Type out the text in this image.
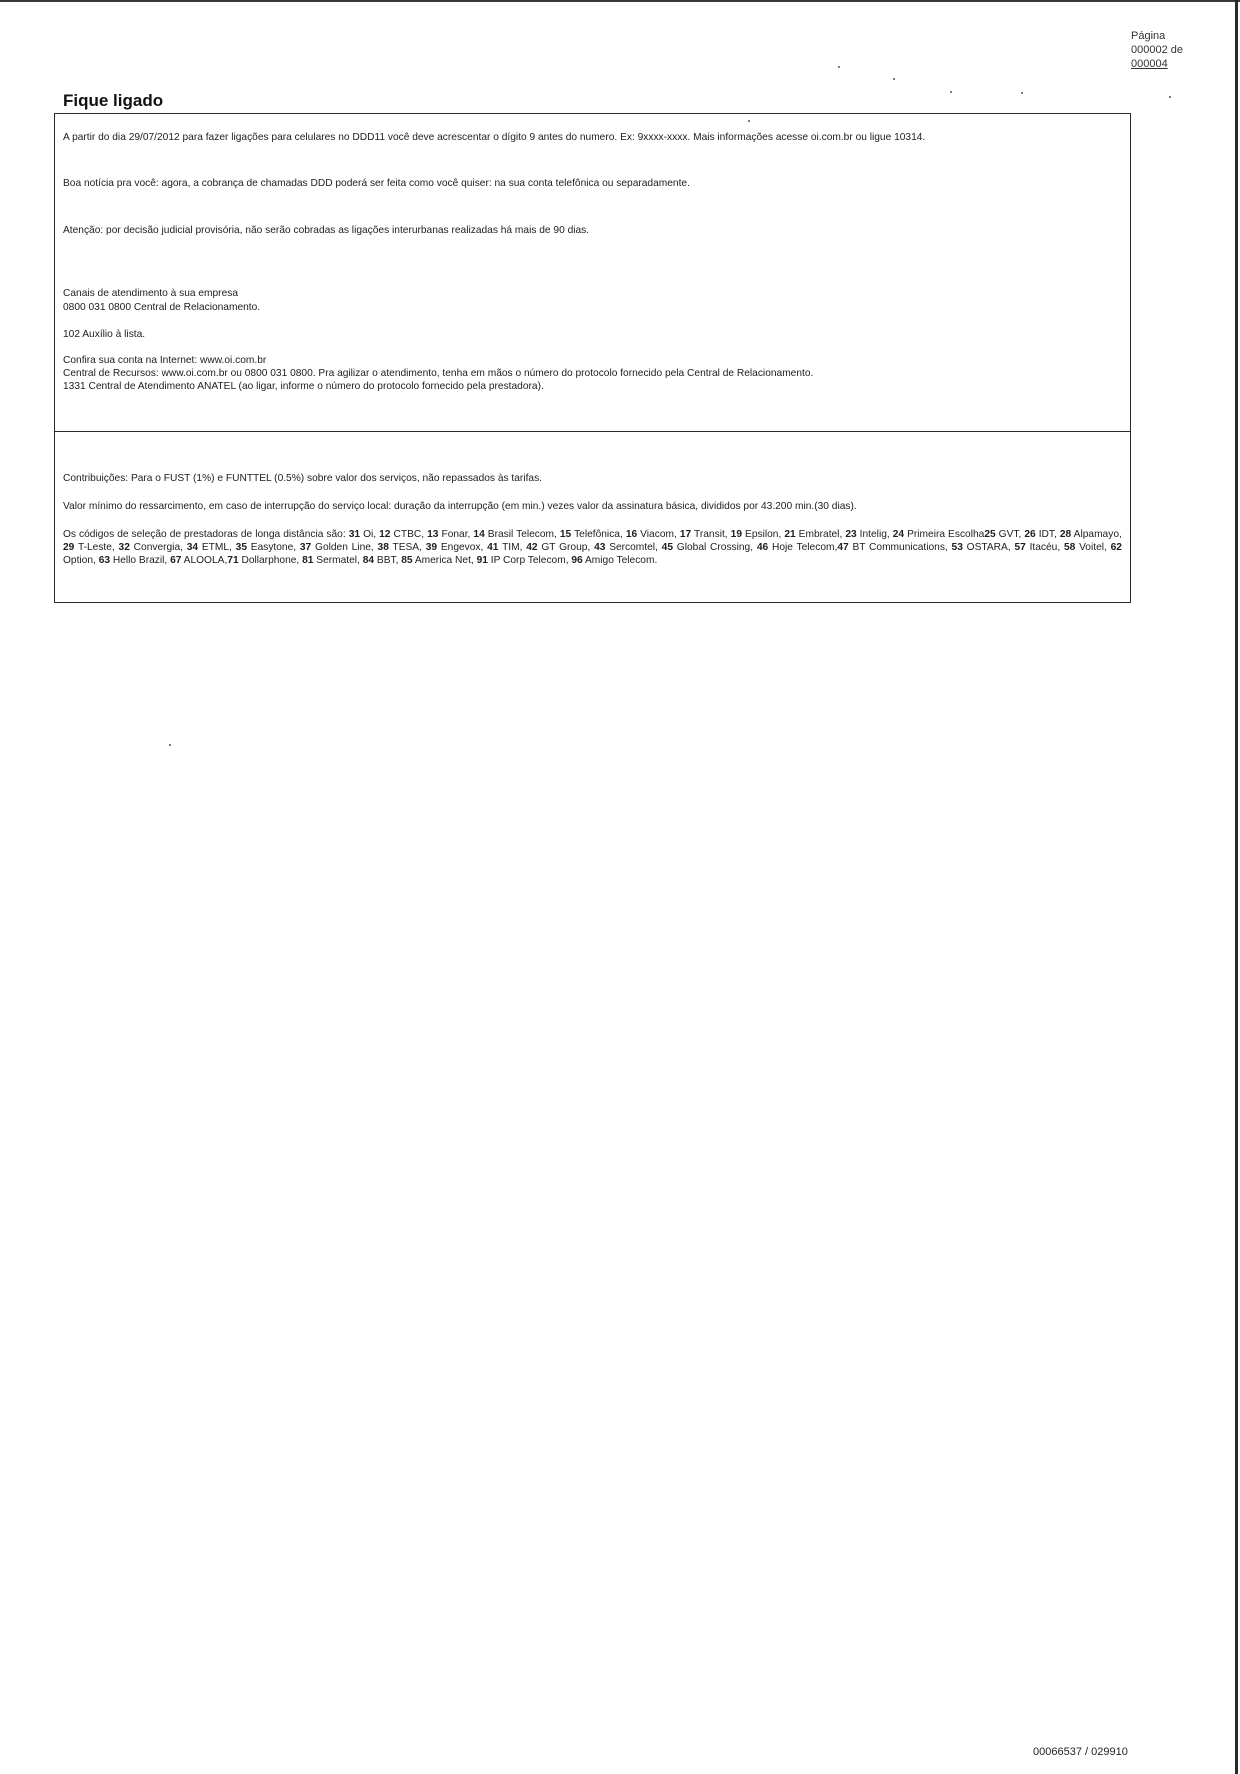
Página
000002 de
000004
Fique ligado

A partir do dia 29/07/2012 para fazer ligações para celulares no DDD11 você deve acrescentar o dígito 9 antes do numero. Ex: 9xxxx-xxxx. Mais informações acesse oi.com.br ou ligue 10314.

Boa notícia pra você: agora, a cobrança de chamadas DDD poderá ser feita como você quiser: na sua conta telefônica ou separadamente.

Atenção: por decisão judicial provisória, não serão cobradas as ligações interurbanas realizadas há mais de 90 dias.

Canais de atendimento à sua empresa

0800 031 0800 Central de Relacionamento.

102 Auxílio à lista.

Confira sua conta na Internet: www.oi.com.br

Central de Recursos: www.oi.com.br ou 0800 031 0800. Pra agilizar o atendimento, tenha em mãos o número do protocolo fornecido pela Central de Relacionamento.

1331 Central de Atendimento ANATEL (ao ligar, informe o número do protocolo fornecido pela prestadora).

Contribuições: Para o FUST (1%) e FUNTTEL (0.5%) sobre valor dos serviços, não repassados às tarifas.

Valor mínimo do ressarcimento, em caso de interrupção do serviço local: duração da interrupção (em min.) vezes valor da assinatura básica, divididos por 43.200 min.(30 dias).

Os códigos de seleção de prestadoras de longa distância são: 31 Oi, 12 CTBC, 13 Fonar, 14 Brasil Telecom, 15 Telefônica, 16 Viacom, 17 Transit, 19 Epsilon, 21 Embratel, 23 Intelig, 24 Primeira Escolha25 GVT, 26 IDT, 28 Alpamayo, 29 T-Leste, 32 Convergia, 34 ETML, 35 Easytone, 37 Golden Line, 38 TESA, 39 Engevox, 41 TIM, 42 GT Group, 43 Sercomtel, 45 Global Crossing, 46 Hoje Telecom,47 BT Communications, 53 OSTARA, 57 Itacéu, 58 Voitel, 62 Option, 63 Hello Brazil, 67 ALOOLA,71 Dollarphone, 81 Sermatel, 84 BBT, 85 America Net, 91 IP Corp Telecom, 96 Amigo Telecom.

00066537 / 029910
